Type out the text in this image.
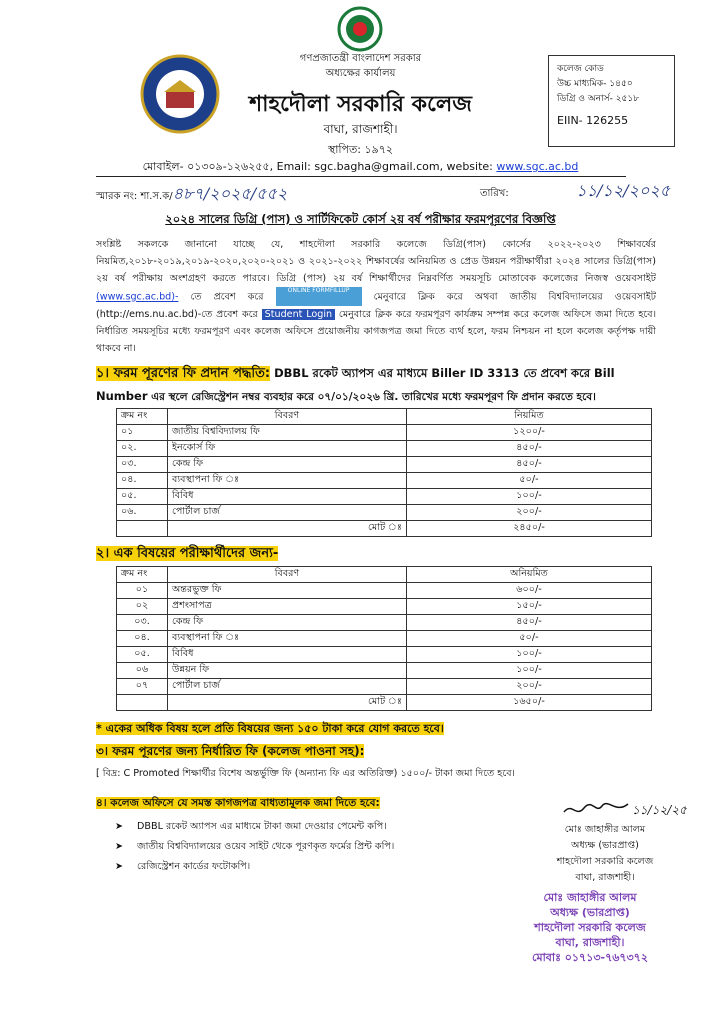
গণপ্রজাতন্ত্রী বাংলাদেশ সরকার
অধ্যক্ষের কার্যালয়
শাহদৌলা সরকারি কলেজ
বাঘা, রাজশাহী।
স্থাপিত: ১৯৭২
কলেজ কোড
উচ্চ মাধ্যমিক- ১৪৫০
ডিগ্রি ও অনার্স- ২৫১৮
EIIN- 126255
মোবাইল- ০১৩০৯-১২৬২৫৫, Email: sgc.bagha@gmail.com, website: www.sgc.ac.bd
স্মারক নং: শা.স.ক/৪৮৭/২০২৫/৫৫২	তারিখ:	১১/১২/২০২৫
২০২৪ সালের ডিগ্রি (পাস) ও সার্টিফিকেট কোর্স ২য় বর্ষ পরীক্ষার ফরমপূরণের বিজ্ঞপ্তি
সংশ্লিষ্ট সকলকে জানানো যাচ্ছে যে, শাহদৌলা সরকারি কলেজে ডিগ্রি(পাস) কোর্সের ২০২২-২০২৩ শিক্ষাবর্ষের নিয়মিত,২০১৮-২০১৯,২০১৯-২০২০,২০২০-২০২১ ও ২০২১-২০২২ শিক্ষাবর্ষের অনিয়মিত ও প্রেড উন্নয়ন পরীক্ষার্থীরা ২০২৪ সালের ডিগ্রি(পাস) ২য় বর্ষ পরীক্ষায় অংশগ্রহণ করতে পারবে। ডিগ্রি (পাস) ২য় বর্ষ শিক্ষার্থীদের নিম্নবর্ণিত সময়সূচি মোতাবেক কলেজের নিজস্ব ওয়েবসাইট (www.sgc.ac.bd)- তে প্রবেশ করে ONLINE FORMFILLUP মেনুবারে ক্লিক করে অথবা জাতীয় বিশ্ববিদ্যালয়ের ওয়েবসাইট (http://ems.nu.ac.bd)-তে প্রবেশ করে Student Login মেনুবারে ক্লিক করে ফরমপূরণ কার্যক্রম সম্পন্ন করে কলেজ অফিসে জমা দিতে হবে। নির্ধারিত সময়সূচির মধ্যে ফরমপূরণ এবং কলেজ অফিসে প্রয়োজনীয় কাগজপত্র জমা দিতে ব্যর্থ হলে, ফরম নিশ্চয়ন না হলে কলেজ কর্তৃপক্ষ দায়ী থাকবে না।
১। ফরম পূরণের ফি প্রদান পদ্ধতি: DBBL রকেট অ্যাপস এর মাধ্যমে Biller ID 3313 তে প্রবেশ করে Bill Number এর স্থলে রেজিস্ট্রেশন নম্বর ব্যবহার করে ০৭/০১/২০২৬ খ্রি. তারিখের মধ্যে ফরমপূরণ ফি প্রদান করতে হবে।
ক্রম নং	বিবরণ	নিয়মিত
০১	জাতীয় বিশ্ববিদ্যালয় ফি	১২০০/-
০২.	ইনকোর্স ফি	৪৫০/-
০৩.	কেন্দ্র ফি	৪৫০/-
০৪.	ব্যবস্থাপনা ফি ঃ	৫০/-
০৫.	বিবিধ	১০০/-
০৬.	পোর্টাল চার্জ	২০০/-
	মোট ঃ	২৪৫০/-
২। এক বিষয়ের পরীক্ষার্থীদের জন্য-
ক্রম নং	বিবরণ	অনিয়মিত
০১	অন্তরভুক্ত ফি	৬০০/-
০২	প্রশংসাপত্র	১৫০/-
০৩.	কেন্দ্র ফি	৪৫০/-
০৪.	ব্যবস্থাপনা ফি ঃ	৫০/-
০৫.	বিবিধ	১০০/-
০৬	উন্নয়ন ফি	১০০/-
০৭	পোর্টাল চার্জ	২০০/-
	মোট ঃ	১৬৫০/-
* একের অধিক বিষয় হলে প্রতি বিষয়ের জন্য ১৫০ টাকা করে যোগ করতে হবে।
৩। ফরম পূরণের জন্য নির্ধারিত ফি (কলেজ পাওনা সহ):
[ বিদ্র: C Promoted শিক্ষার্থীর বিশেষ অন্তর্ভুক্তি ফি (অন্যান্য ফি এর অতিরিক্ত) ১৫০০/- টাকা জমা দিতে হবে।
৪। কলেজ অফিসে যে সমস্ত কাগজপত্র বাধ্যতামূলক জমা দিতে হবে:
➤ DBBL রকেট অ্যাপস এর মাধ্যমে টাকা জমা দেওয়ার পেমেন্ট কপি।
➤ জাতীয় বিশ্ববিদ্যালয়ের ওয়েব সাইট থেকে পূরণকৃত ফর্মের প্রিন্ট কপি।
➤ রেজিস্ট্রেশন কার্ডের ফটোকপি।
১১/১২/২৫
মোঃ জাহাঙ্গীর আলম
অধ্যক্ষ (ভারপ্রাপ্ত)
শাহদৌলা সরকারি কলেজ
বাঘা, রাজশাহী।
মোঃ জাহাঙ্গীর আলম
অধ্যক্ষ (ভারপ্রাপ্ত)
শাহদৌলা সরকারি কলেজ
বাঘা, রাজশাহী।
মোবাঃ ০১৭১৩-৭৬৭৩৭২
